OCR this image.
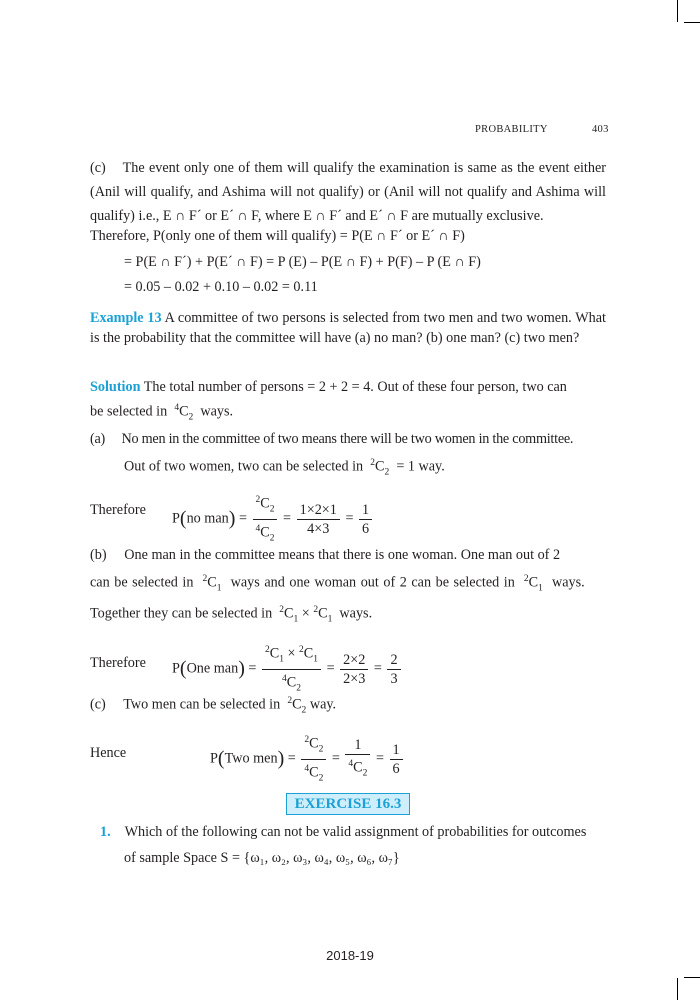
PROBABILITY	403
(c) The event only one of them will qualify the examination is same as the event either (Anil will qualify, and Ashima will not qualify) or (Anil will not qualify and Ashima will qualify) i.e., E ∩ F´ or E´ ∩ F, where E ∩ F´ and E´ ∩ F are mutually exclusive.
Therefore, P(only one of them will qualify) = P(E ∩ F´ or E´ ∩ F)
= P(E ∩ F´) + P(E´ ∩ F) = P (E) – P(E ∩ F) + P(F) – P (E ∩ F)
= 0.05 – 0.02 + 0.10 – 0.02 = 0.11
Example 13 A committee of two persons is selected from two men and two women. What is the probability that the committee will have (a) no man? (b) one man? (c) two men?
Solution The total number of persons = 2 + 2 = 4. Out of these four person, two can
be selected in $^4C_2$ ways.
(a) No men in the committee of two means there will be two women in the committee.
Out of two women, two can be selected in $^2C_2 = 1$ way.
Therefore
P(no $man) = \frac{^2C_2}{^4C_2} = \frac{1\times 2\times 1}{4\times 3} = \frac{1}{6}$
(b) One man in the committee means that there is one woman. One man out of 2
can be selected in $^2C_1$ ways and one woman out of 2 can be selected in $^2C_1$ ways.
Together they can be selected in $^2C_1 \times ^2C_1$ ways.
Therefore P(One $man) = \frac{^2C_1 \times ^2C_1}{^4C_2} = \frac{2\times 2}{2\times 3} = \frac{2}{3}$
(c) Two men can be selected in $^2C_2$ way.
Hence	P(Two $men) = \frac{^2C_2}{^4C_2} = \frac{1}{^4C_2} = \frac{1}{6}$
EXERCISE 16.3
1. Which of the following can not be valid assignment of probabilities for outcomes
of sample Space S = {ω₁, ω₂, ω₃, ω₄, ω₅, ω₆, ω₇}
2018-19
